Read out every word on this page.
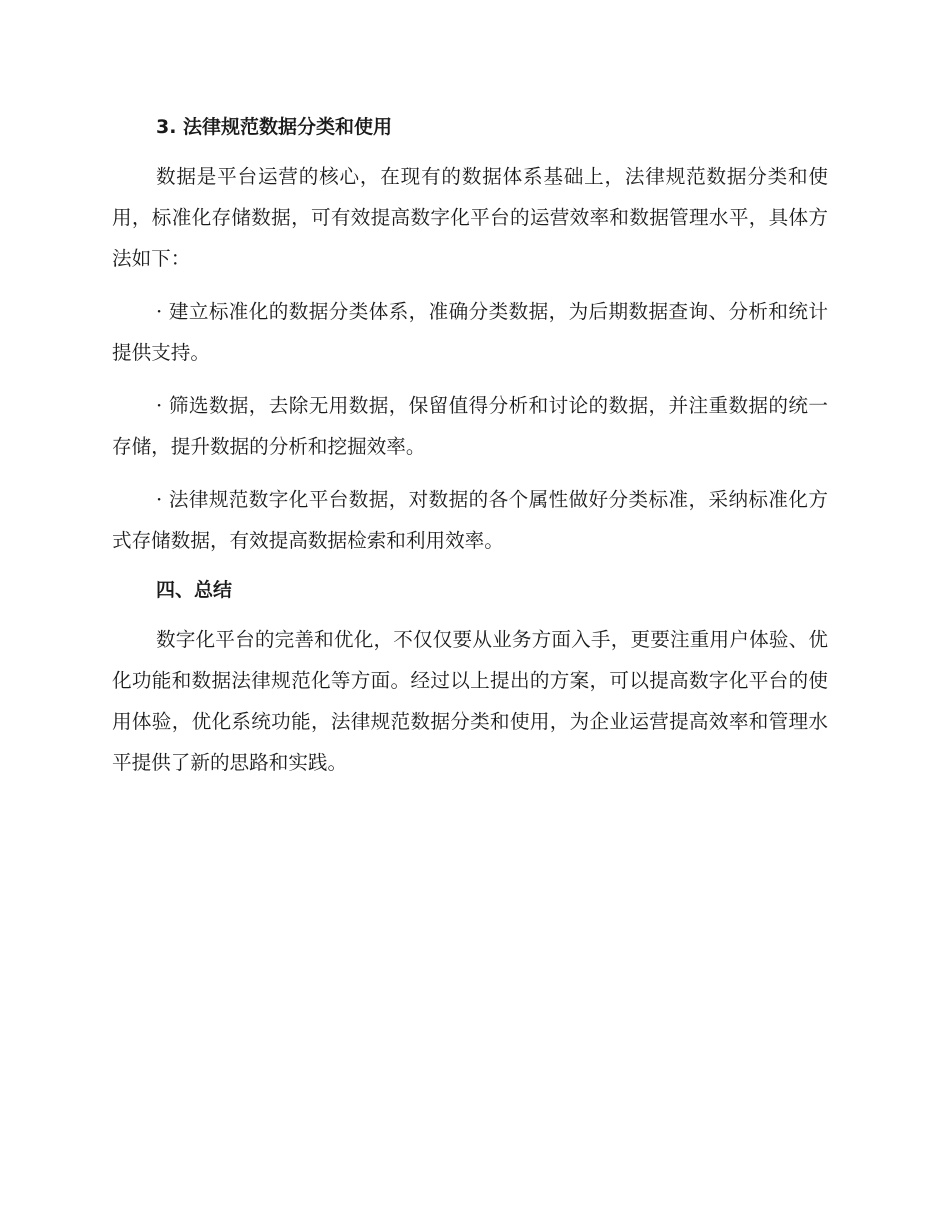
3. 法律规范数据分类和使用

数据是平台运营的核心，在现有的数据体系基础上，法律规范数据分类和使用，标准化存储数据，可有效提高数字化平台的运营效率和数据管理水平，具体方法如下：

· 建立标准化的数据分类体系，准确分类数据，为后期数据查询、分析和统计提供支持。

· 筛选数据，去除无用数据，保留值得分析和讨论的数据，并注重数据的统一存储，提升数据的分析和挖掘效率。

· 法律规范数字化平台数据，对数据的各个属性做好分类标准，采纳标准化方式存储数据，有效提高数据检索和利用效率。

四、总结

数字化平台的完善和优化，不仅仅要从业务方面入手，更要注重用户体验、优化功能和数据法律规范化等方面。经过以上提出的方案，可以提高数字化平台的使用体验，优化系统功能，法律规范数据分类和使用，为企业运营提高效率和管理水平提供了新的思路和实践。
